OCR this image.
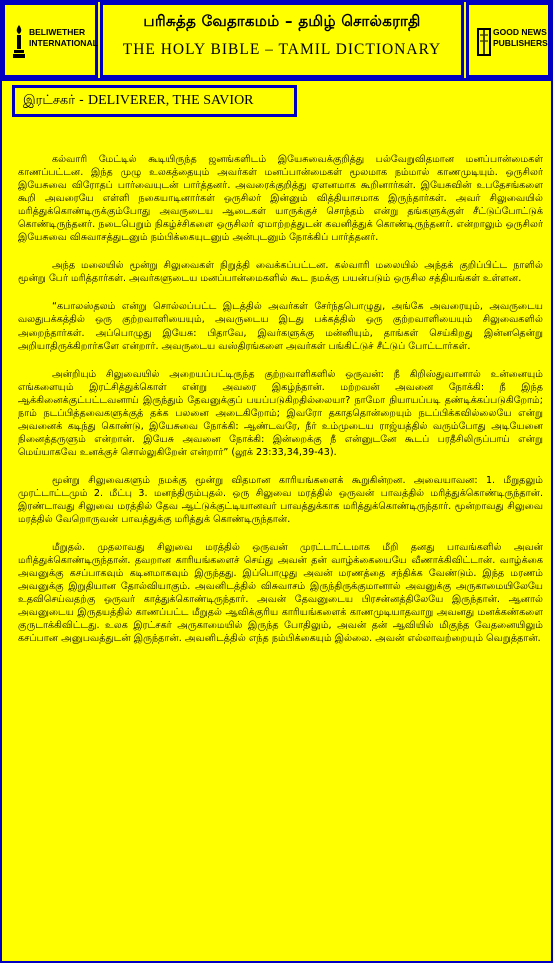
BELIWETHER
INTERNATIONAL
பரிசுத்த வேதாகமம் – தமிழ் சொல்கராதி
THE HOLY BIBLE – TAMIL DICTIONARY
GOOD NEWS
PUBLISHERS
இரட்சகர் - DELIVERER, THE SAVIOR

கல்வாரி மேட்டில் கூடியிருந்த ஜனங்களிடம் இயேசுவைக்குறித்து பல்வேறுவிதமான மனப்பான்மைகள் காணப்பட்டன. இந்த முழு உலகத்தையும் அவர்கள் மனப்பான்மைகள் மூலமாக நம்மால் காணமுடியும். ஒருசிலர் இயேசுவை விரோதப் பார்வையுடன் பார்த்தனர். அவரைக்குறித்து ஏளனமாக கூறினார்கள். இயேசுவின் உபதேசங்களை கூறி அவரையே எள்ளி நகையாடினார்கள் ஒருசிலர் இன்னும் வித்தியாசமாக இருந்தார்கள். அவர் சிலுவையில் மரித்துக்கொண்டிருக்கும்போது அவருடைய ஆடைகள் யாருக்குச் சொந்தம் என்று தங்களுக்குள் சீட்டுப்போட்டுக் கொண்டிருந்தனர். நடைபெறும் நிகழ்ச்சிகளை ஒருசிலர் ஏமாற்றத்துடன் கவனித்துக் கொண்டிருந்தனர். என்றாலும் ஒருசிலர் இயேசுவை விசுவாசத்துடனும் நம்பிக்கையுடனும் அன்புடனும் நோக்கிப் பார்த்தனர்.

அந்த மலையில் மூன்று சிலுவைகள் நிறுத்தி வைக்கப்பட்டன. கல்வாரி மலையில் அந்தக் குறிப்பிட்ட நாளில் மூன்று பேர் மரித்தார்கள். அவர்களுடைய மனப்பான்மைகளில் கூட நமக்கு பயன்படும் ஒருசில சத்தியங்கள் உள்ளன.

“கபாலஸ்தலம் என்று சொல்லப்பட்ட இடத்தில் அவர்கள் சேர்ந்தபொழுது, அங்கே அவரையும், அவருடைய வலதுபக்கத்தில் ஒரு குற்றவாளியையும், அவருடைய இடது பக்கத்தில் ஒரு குற்றவாளியையும் சிலுவைகளில் அறைந்தார்கள். அப்பொழுது இயேசு: பிதாவே, இவர்களுக்கு மன்னியும், தாங்கள் செய்கிறது இன்னதென்று அறியாதிருக்கிறார்களே என்றார். அவருடைய வஸ்திரங்களை அவர்கள் பங்கிட்டுச் சீட்டுப் போட்டார்கள்.

அன்றியும் சிலுவையில் அறையப்பட்டிருந்த குற்றவாளிகளில் ஒருவன்: நீ கிறிஸ்துவானால் உன்னையும் எங்களையும் இரட்சித்துக்கொள் என்று அவரை இகழ்ந்தான். மற்றவன் அவனை நோக்கி: நீ இந்த ஆக்கினைக்குட்பட்டவனாய் இருந்தும் தேவனுக்குப் பயப்படுகிறதில்லையா? நாமோ நியாயப்படி தண்டிக்கப்படுகிறோம்; நாம் நடப்பித்தவைகளுக்குத் தக்க பலனை அடைகிறோம்; இவரோ தகாததொன்றையும் நடப்பிக்கவில்லையே என்று அவனைக் கடிந்து கொண்டு, இயேசுவை நோக்கி: ஆண்டவரே, நீர் உம்முடைய ராஜ்யத்தில் வரும்போது அடியேனை நினைத்தருளும் என்றான். இயேசு அவனை நோக்கி: இன்றைக்கு நீ என்னுடனே கூடப் பரதீசிலிருப்பாய் என்று மெய்யாகவே உனக்குச் சொல்லுகிறேன் என்றார்” (லூக் 23:33,34,39-43).

மூன்று சிலுவைகளும் நமக்கு மூன்று விதமான காரியங்களைக் கூறுகின்றன. அவையாவன: 1. மீறுதலும் முரட்டாட்டமும் 2. மீட்பு 3. மனந்திரும்புதல். ஒரு சிலுவை மரத்தில் ஒருவன் பாவத்தில் மரித்துக்கொண்டிருந்தான். இரண்டாவது சிலுவை மரத்தில் தேவ ஆட்டுக்குட்டியானவர் பாவத்துக்காக மரித்துக்கொண்டிருந்தார். மூன்றாவது சிலுவை மரத்தில் வேறொருவன் பாவத்துக்கு மரித்துக் கொண்டிருந்தான்.

மீறுதல். முதலாவது சிலுவை மரத்தில் ஒருவன் முரட்டாட்டமாக மீறி தனது பாவங்களில் அவன் மரித்துக்கொண்டிருந்தான். தவறான காரியங்களைச் செய்து அவன் தன் வாழ்க்கையையே வீணாக்கிவிட்டான். வாழ்க்கை அவனுக்கு கசப்பாகவும் கடினமாகவும் இருந்தது. இப்பொழுது அவன் மரணத்தை சந்திக்க வேண்டும். இந்த மரணம் அவனுக்கு இறுதியான தோல்வியாகும். அவனிடத்தில் விசுவாசம் இருந்திருக்குமானால் அவனுக்கு அருகாமையிலேயே உதவிசெய்வதற்கு ஒருவர் காத்துக்கொண்டிருந்தார். அவன் தேவனுடைய பிரசன்னத்திலேயே இருந்தான். ஆனால் அவனுடைய இருதயத்தில் காணப்பட்ட மீறுதல் ஆவிக்குரிய காரியங்களைக் காணமுடியாதவாறு அவனது மனக்கண்களை குருடாக்கிவிட்டது. உலக இரட்சகர் அருகாமையில் இருந்த போதிலும், அவன் தன் ஆவியில் மிகுந்த வேதனையிலும் கசப்பான அனுபவத்துடன் இருந்தான். அவனிடத்தில் எந்த நம்பிக்கையும் இல்லை. அவன் எல்லாவற்றையும் வெறுத்தான்.
